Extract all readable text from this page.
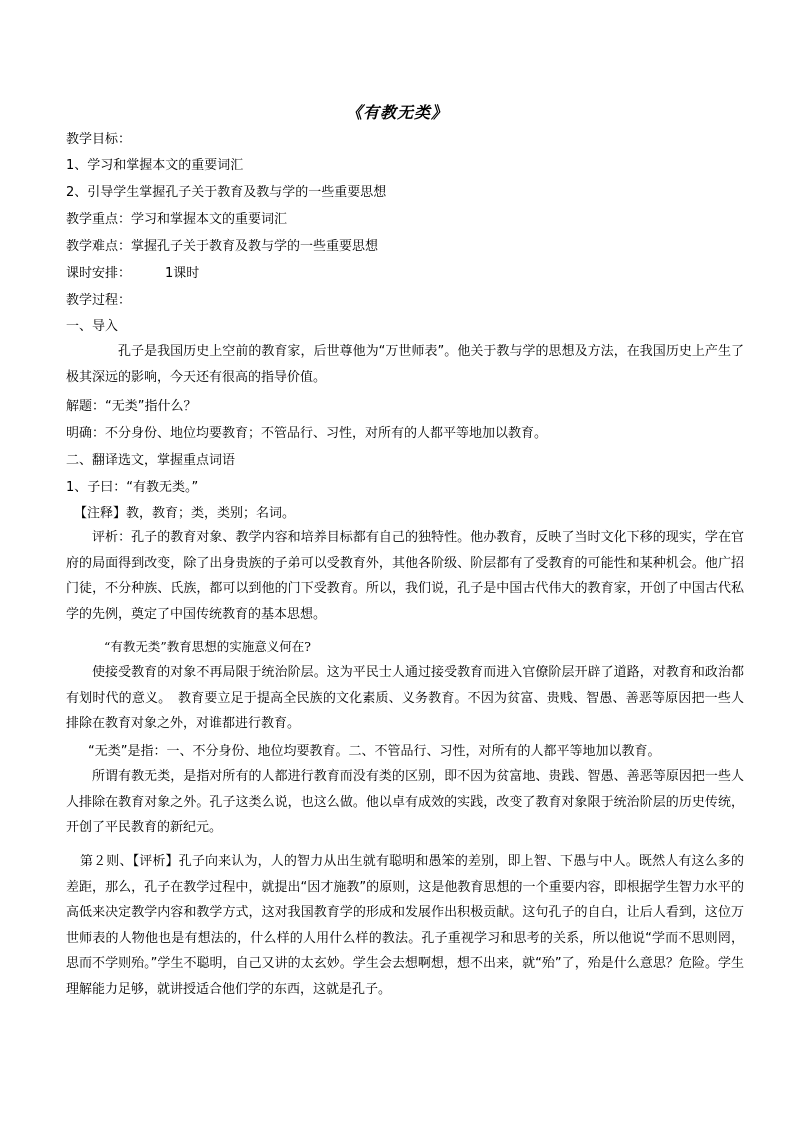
《有教无类》
教学目标：
1、学习和掌握本文的重要词汇
2、引导学生掌握孔子关于教育及教与学的一些重要思想
教学重点：学习和掌握本文的重要词汇
教学难点：掌握孔子关于教育及教与学的一些重要思想
课时安排：	1课时
教学过程：
一、导入
孔子是我国历史上空前的教育家，后世尊他为“万世师表”。他关于教与学的思想及方法，在我国历史上产生了极其深远的影响，今天还有很高的指导价值。
解题：“无类”指什么？
明确：不分身份、地位均要教育；不管品行、习性，对所有的人都平等地加以教育。
二、翻译选文，掌握重点词语
1、子曰：“有教无类。”
【注释】教，教育；类，类别；名词。
评析：孔子的教育对象、教学内容和培养目标都有自己的独特性。他办教育，反映了当时文化下移的现实，学在官府的局面得到改变，除了出身贵族的子弟可以受教育外，其他各阶级、阶层都有了受教育的可能性和某种机会。他广招门徒，不分种族、氏族，都可以到他的门下受教育。所以，我们说，孔子是中国古代伟大的教育家，开创了中国古代私学的先例，奠定了中国传统教育的基本思想。
“有教无类”教育思想的实施意义何在?
使接受教育的对象不再局限于统治阶层。这为平民士人通过接受教育而进入官僚阶层开辟了道路，对教育和政治都有划时代的意义。　教育要立足于提高全民族的文化素质、义务教育。不因为贫富、贵贱、智愚、善恶等原因把一些人排除在教育对象之外，对谁都进行教育。
“无类”是指：一、不分身份、地位均要教育。二、不管品行、习性，对所有的人都平等地加以教育。
所谓有教无类，是指对所有的人都进行教育而没有类的区别，即不因为贫富地、贵践、智愚、善恶等原因把一些人人排除在教育对象之外。孔子这类么说，也这么做。他以卓有成效的实践，改变了教育对象限于统治阶层的历史传统，开创了平民教育的新纪元。
第２则、【评析】孔子向来认为，人的智力从出生就有聪明和愚笨的差别，即上智、下愚与中人。既然人有这么多的差距，那么，孔子在教学过程中，就提出“因才施教”的原则，这是他教育思想的一个重要内容，即根据学生智力水平的高低来决定教学内容和教学方式，这对我国教育学的形成和发展作出积极贡献。这句孔子的自白，让后人看到，这位万世师表的人物他也是有想法的，什么样的人用什么样的教法。孔子重视学习和思考的关系，所以他说“学而不思则罔，思而不学则殆。”学生不聪明，自己又讲的太玄妙。学生会去想啊想，想不出来，就“殆”了，殆是什么意思？危险。学生理解能力足够，就讲授适合他们学的东西，这就是孔子。
